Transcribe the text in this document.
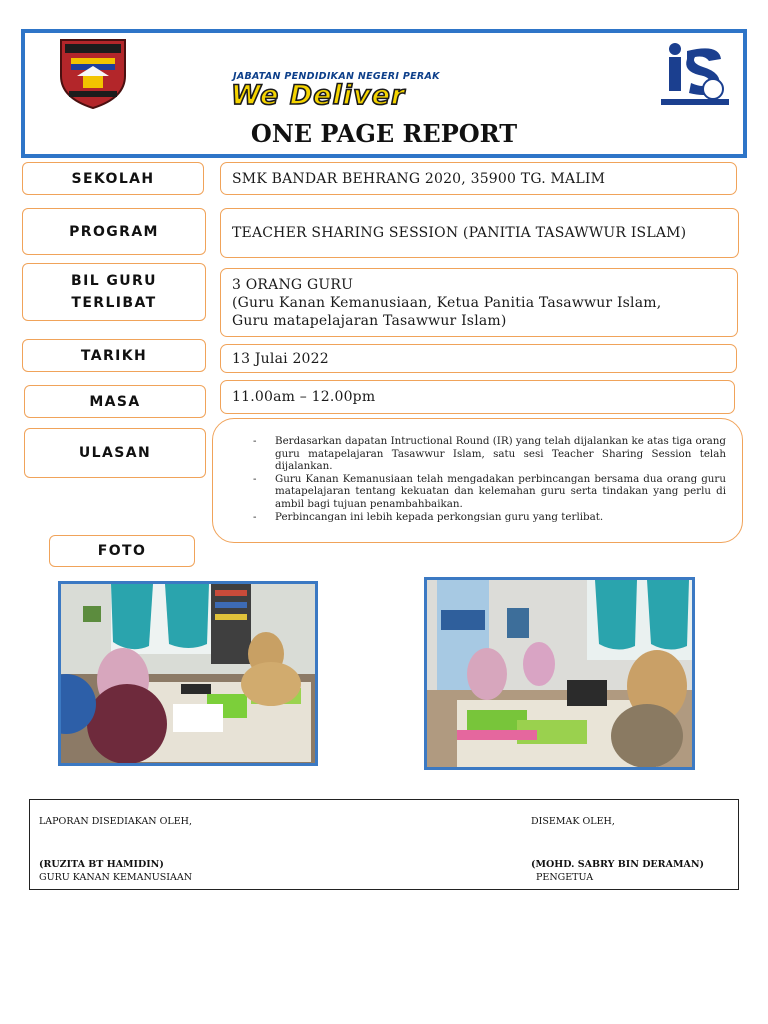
JABATAN PENDIDIKAN NEGERI PERAK
We Deliver
ONE PAGE REPORT
SEKOLAH	SMK BANDAR BEHRANG 2020, 35900 TG. MALIM
PROGRAM	TEACHER SHARING SESSION (PANITIA TASAWWUR ISLAM)
BIL GURU
TERLIBAT
3 ORANG GURU
(Guru Kanan Kemanusiaan, Ketua Panitia Tasawwur Islam,
Guru matapelajaran Tasawwur Islam)
TARIKH	13 Julai 2022
MASA	11.00am – 12.00pm
ULASAN
- Berdasarkan dapatan Intructional Round (IR) yang telah dijalankan ke atas tiga orang guru matapelajaran Tasawwur Islam, satu sesi Teacher Sharing Session telah dijalankan.
- Guru Kanan Kemanusiaan telah mengadakan perbincangan bersama dua orang guru matapelajaran tentang kekuatan dan kelemahan guru serta tindakan yang perlu di ambil bagi tujuan penambahbaikan.
- Perbincangan ini lebih kepada perkongsian guru yang terlibat.
FOTO
LAPORAN DISEDIAKAN OLEH,
(RUZITA BT HAMIDIN)
GURU KANAN KEMANUSIAAN
DISEMAK OLEH,
(MOHD. SABRY BIN DERAMAN)
PENGETUA
